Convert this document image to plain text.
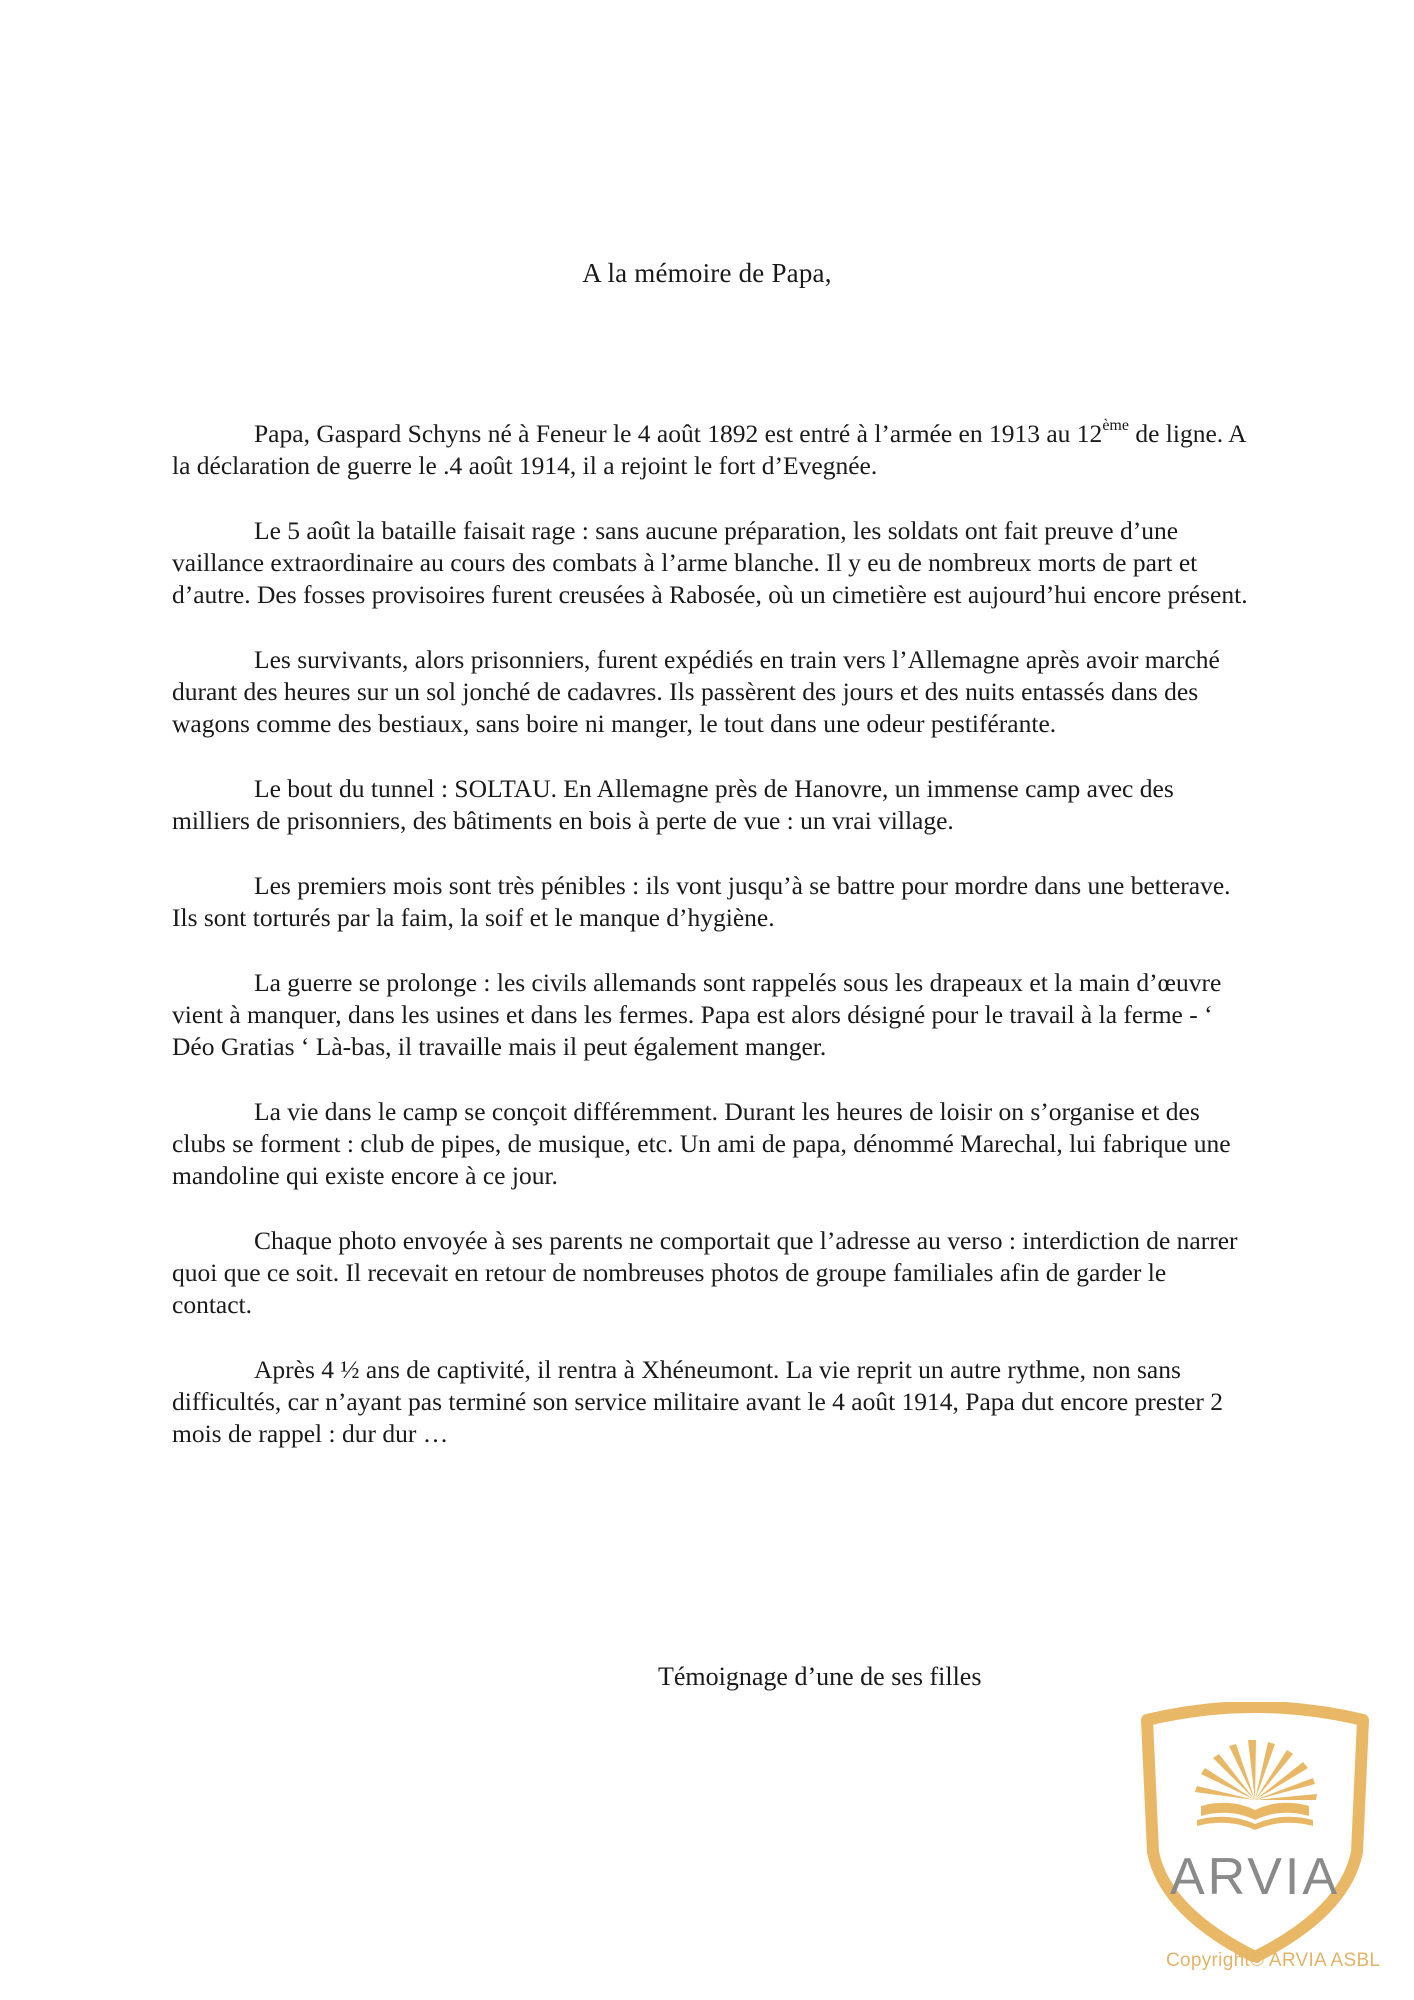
A la mémoire de Papa,

Papa, Gaspard Schyns né à Feneur le 4 août 1892 est entré à l’armée en 1913 au 12ème de ligne. A la déclaration de guerre le .4 août 1914, il a rejoint le fort d’Evegnée.

Le 5 août la bataille faisait rage : sans aucune préparation, les soldats ont fait preuve d’une vaillance extraordinaire au cours des combats à l’arme blanche. Il y eu de nombreux morts de part et d’autre. Des fosses provisoires furent creusées à Rabosée, où un cimetière est aujourd’hui encore présent.

Les survivants, alors prisonniers, furent expédiés en train vers l’Allemagne après avoir marché durant des heures sur un sol jonché de cadavres. Ils passèrent des jours et des nuits entassés dans des wagons comme des bestiaux, sans boire ni manger, le tout dans une odeur pestiférante.

Le bout du tunnel : SOLTAU. En Allemagne près de Hanovre, un immense camp avec des milliers de prisonniers, des bâtiments en bois à perte de vue : un vrai village.

Les premiers mois sont très pénibles : ils vont jusqu’à se battre pour mordre dans une betterave. Ils sont torturés par la faim, la soif et le manque d’hygiène.

La guerre se prolonge : les civils allemands sont rappelés sous les drapeaux et la main d’œuvre vient à manquer, dans les usines et dans les fermes. Papa est alors désigné pour le travail à la ferme - ‘ Déo Gratias ‘ Là-bas, il travaille mais il peut également manger.

La vie dans le camp se conçoit différemment. Durant les heures de loisir on s’organise et des clubs se forment : club de pipes, de musique, etc. Un ami de papa, dénommé Marechal, lui fabrique une mandoline qui existe encore à ce jour.

Chaque photo envoyée à ses parents ne comportait que l’adresse au verso : interdiction de narrer quoi que ce soit. Il recevait en retour de nombreuses photos de groupe familiales afin de garder le contact.

Après 4 ½ ans de captivité, il rentra à Xhéneumont. La vie reprit un autre rythme, non sans difficultés, car n’ayant pas terminé son service militaire avant le 4 août 1914, Papa dut encore prester 2 mois de rappel : dur dur …

Témoignage d’une de ses filles
ARVIA
Copyright© ARVIA ASBL
